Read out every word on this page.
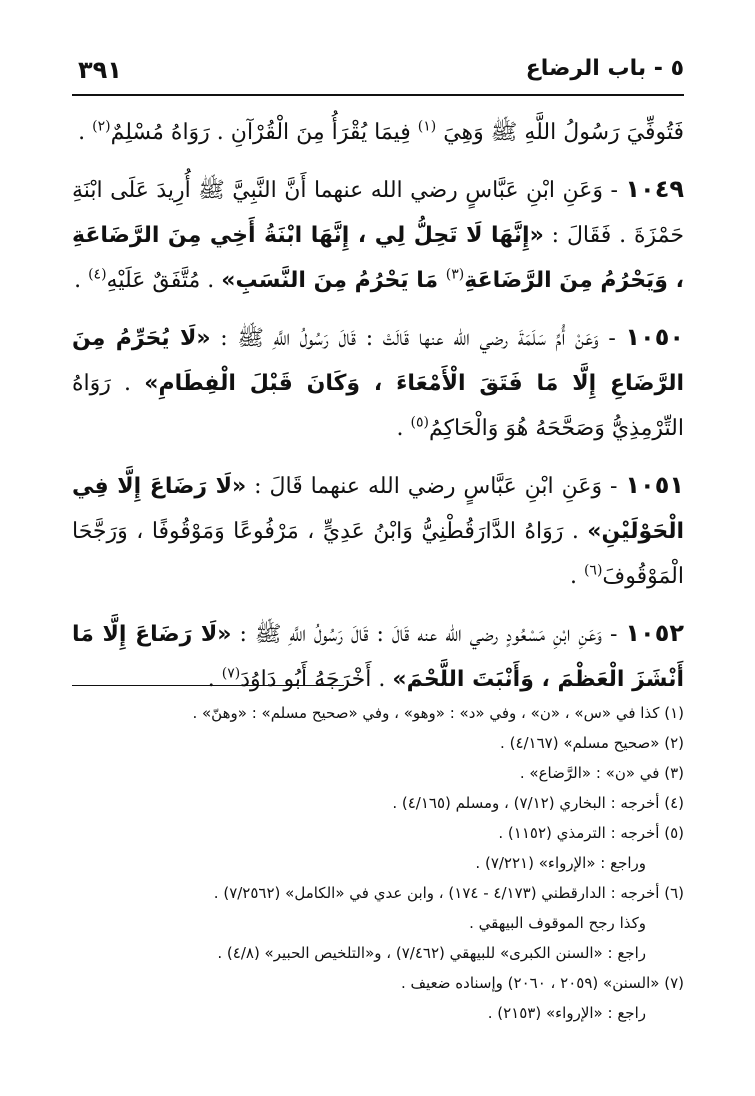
٥ - باب الرضاع
٣٩١

فَتُوفِّيَ رَسُولُ اللَّهِ ﷺ وَهِيَ $^{(١)}$ فِيمَا يُقْرَأُ مِنَ الْقُرْآنِ . رَوَاهُ مُسْلِمٌ$^{(٢)}$ .

١٠٤٩ - وَعَنِ ابْنِ عَبَّاسٍ رضي الله عنهما أَنَّ النَّبِيَّ ﷺ أُرِيدَ عَلَى ابْنَةِ حَمْزَةَ . فَقَالَ : «إِنَّهَا لَا تَحِلُّ لِي ، إِنَّهَا ابْنَةُ أَخِي مِنَ الرَّضَاعَةِ ، وَيَحْرُمُ مِنَ الرَّضَاعَةِ$^{(٣)}$ مَا يَحْرُمُ مِنَ النَّسَبِ» . مُتَّفَقٌ عَلَيْهِ$^{(٤)}$ .

١٠٥٠ - وَعَنْ أُمِّ سَلَمَةَ رضي الله عنها قَالَتْ : قَالَ رَسُولُ اللَّهِ ﷺ : «لَا يُحَرِّمُ مِنَ الرَّضَاعِ إِلَّا مَا فَتَقَ الْأَمْعَاءَ ، وَكَانَ قَبْلَ الْفِطَامِ» . رَوَاهُ التِّرْمِذِيُّ وَصَحَّحَهُ هُوَ وَالْحَاكِمُ$^{(٥)}$ .

١٠٥١ - وَعَنِ ابْنِ عَبَّاسٍ رضي الله عنهما قَالَ : «لَا رَضَاعَ إِلَّا فِي الْحَوْلَيْنِ» . رَوَاهُ الدَّارَقُطْنِيُّ وَابْنُ عَدِيٍّ ، مَرْفُوعًا وَمَوْقُوفًا ، وَرَجَّحَا الْمَوْقُوفَ$^{(٦)}$ .

١٠٥٢ - وَعَنِ ابْنِ مَسْعُودٍ رضي الله عنه قَالَ : قَالَ رَسُولُ اللَّهِ ﷺ : «لَا رَضَاعَ إِلَّا مَا أَنْشَزَ الْعَظْمَ ، وَأَنْبَتَ اللَّحْمَ» . أَخْرَجَهُ أَبُو دَاوُدَ$^{(٧)}$ .

(١) كذا في «س» ، «ن» ، وفي «د» : «وهو» ، وفي «صحيح مسلم» : «وهنّ» .
(٢) «صحيح مسلم» (٤/١٦٧) .
(٣) في «ن» : «الرَّضاع» .
(٤) أخرجه : البخاري (٧/١٢) ، ومسلم (٤/١٦٥) .
(٥) أخرجه : الترمذي (١١٥٢) .
وراجع : «الإرواء» (٧/٢٢١) .
(٦) أخرجه : الدارقطني (٤/١٧٣ - ١٧٤) ، وابن عدي في «الكامل» (٧/٢٥٦٢) .
وكذا رجح الموقوف البيهقي .
راجع : «السنن الكبرى» للبيهقي (٧/٤٦٢) ، و«التلخيص الحبير» (٤/٨) .
(٧) «السنن» (٢٠٥٩ ، ٢٠٦٠) وإسناده ضعيف .
راجع : «الإرواء» (٢١٥٣) .
